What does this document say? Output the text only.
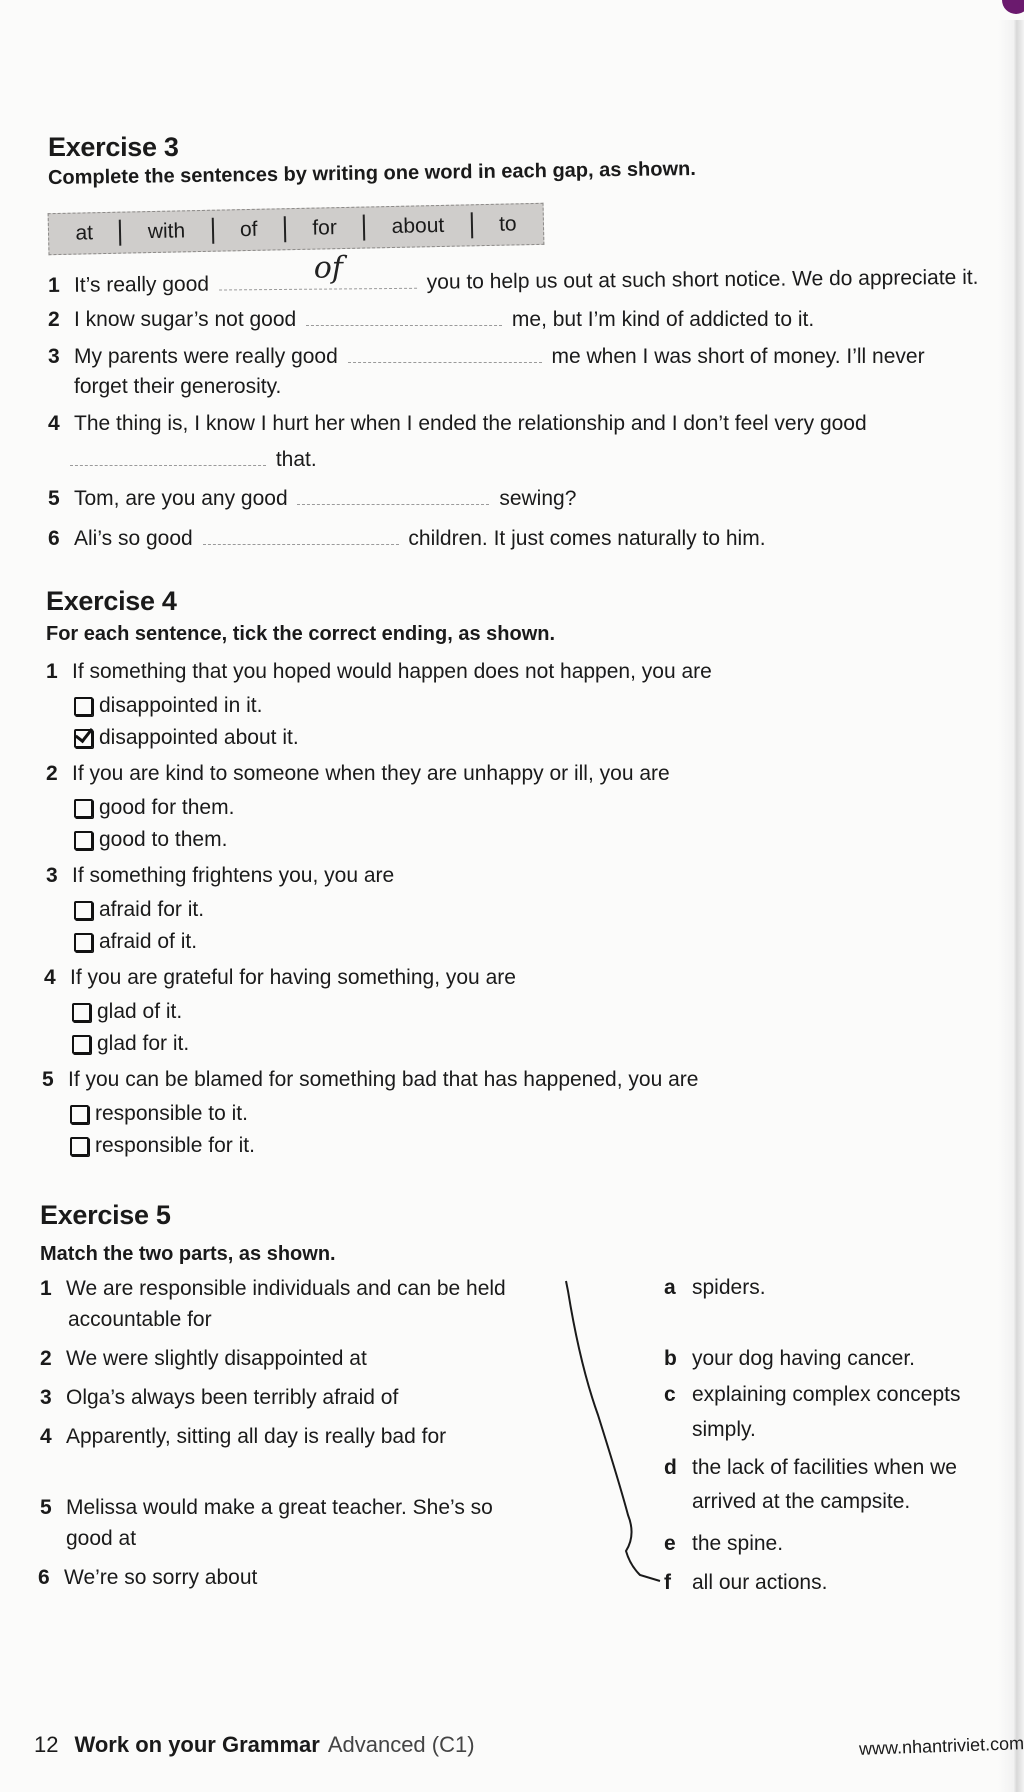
Exercise 3
Complete the sentences by writing one word in each gap, as shown.
at	with	of	for	about	to
1 It’s really good	of	you to help us out at such short notice. We do appreciate it.
2 I know sugar’s not good	me, but I’m kind of addicted to it.
3 My parents were really good	me when I was short of money. I’ll never
forget their generosity.
4 The thing is, I know I hurt her when I ended the relationship and I don’t feel very good
that.
5 Tom, are you any good	sewing?
6 Ali’s so good	children. It just comes naturally to him.
Exercise 4
For each sentence, tick the correct ending, as shown.
1 If something that you hoped would happen does not happen, you are
disappointed in it.
disappointed about it.
2 If you are kind to someone when they are unhappy or ill, you are
good for them.
good to them.
3 If something frightens you, you are
afraid for it.
afraid of it.
4 If you are grateful for having something, you are
glad of it.
glad for it.
5 If you can be blamed for something bad that has happened, you are
responsible to it.
responsible for it.
Exercise 5
Match the two parts, as shown.
1 We are responsible individuals and can be held
accountable for
2 We were slightly disappointed at
3 Olga’s always been terribly afraid of
4 Apparently, sitting all day is really bad for
5 Melissa would make a great teacher. She’s so
good at
6 We’re so sorry about
a spiders.
b your dog having cancer.
c explaining complex concepts
simply.
d the lack of facilities when we
arrived at the campsite.
e the spine.
f all our actions.
12 Work on your Grammar Advanced (C1)	www.nhantriviet.com
